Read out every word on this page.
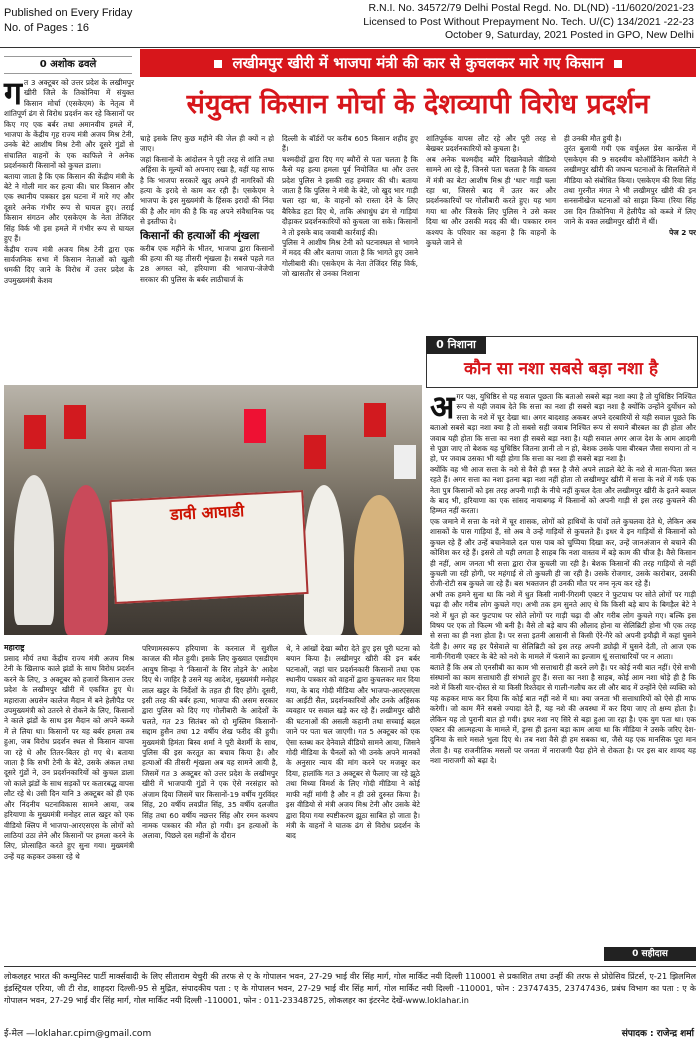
Published on Every Friday
No. of Pages : 16
R.N.I. No. 34572/79 Delhi Postal Regd. No. DL(ND) -11/6020/2021-23
Licensed to Post Without Prepayment No. Tech. U/(C) 134/2021 -22-23
October 9, Saturday, 2021 Posted in GPO, New Delhi
लखीमपुर खीरी में भाजपा मंत्री की कार से कुचलकर मारे गए किसान
संयुक्त किसान मोर्चा के देशव्यापी विरोध प्रदर्शन
0 अशोक ढवले

गत 3 अक्टूबर को उत्तर प्रदेश के लखीमपुर खीरी जिले के तिकोनिया में संयुक्त किसान मोर्चा (एसकेएम) के नेतृत्व में शांतिपूर्ण ढंग से विरोध प्रदर्शन कर रहे किसानों पर किए गए एक बर्बर तथा अमानवीय हमले में, भाजपा के केंद्रीय गृह राज्य मंत्री अजय मिश्र टेनी, उनके बेटे आशीष मिश्र टेनी और दूसरे गुंडों से संचालित वाहनों के एक काफिले ने अनेक प्रदर्शनकारी किसानों को कुचल डाला।

बताया जाता है कि एक किसान की केंद्रीय मंत्री के बेटे ने गोली मार कर हत्या की। चार किसान और एक स्थानीय पत्रकार इस घटना में मारे गए और दूसरे अनेक गंभीर रूप से घायल हुए। तराई किसान संगठन और एसकेएम के नेता तेजिंदर सिंह विर्क भी इस हमले में गंभीर रूप से घायल हुए हैं।

केंद्रीय राज्य मंत्री अजय मिश्र टेनी द्वारा एक सार्वजनिक सभा में किसान नेताओं को खुली धमकी दिए जाने के विरोध में उत्तर प्रदेश के उपमुख्यमंत्री केशव

चाहे इसके लिए कुछ महीने की जेल ही क्यों न हो जाए।

जहां किसानों के आंदोलन ने पूरी तरह से शांति तथा अहिंसा के मूल्यों को अपनाए रखा है, वहीं यह साफ है कि भाजपा सरकारें खुद अपने ही नागरिकों की हत्या के इरादे से काम कर रही हैं। एसकेएम ने भाजपा के इस मुख्यमंत्री के हिंसक इरादों की निंदा की है और मांग की है कि वह अपने संवैधानिक पद से इस्तीफा दे।

किसानों की हत्याओं की शृंखला

करीब एक महीने के भीतर, भाजपा द्वारा किसानों की हत्या की यह तीसरी शृंखला है। सबसे पहले गत 28 अगस्त को, हरियाणा की भाजपा-जेजेपी सरकार की पुलिस के बर्बर लाठीचार्ज के

दिल्ली के बॉर्डरों पर करीब 605 किसान शहीद हुए हैं।

चश्मदीदों द्वारा दिए गए ब्यौरों से पता चलता है कि कैसे यह हत्या हमला पूर्व नियोजित था और उत्तर प्रदेश पुलिस ने इसकी राह हमवार की थी। बताया जाता है कि पुलिस ने मंत्री के बेटे, जो खुद भार गाड़ी चला रहा था, के वाहनों को रास्ता देने के लिए बैरिकेड हटा दिए थे, ताकि अंधाधुंध ढंग से गाड़ियां दौड़ाकर प्रदर्शनकारियों को कुचला जा सके। किसानों ने तो इसके बाद जवाबी कार्रवाई की।

पुलिस ने आशीष मिश्र टेनी को घटनास्थल से भागने में मदद की और बताया जाता है कि भागते हुए उसने गोलीबारी की। एसकेएम के नेता तेजिंदर सिंह विर्क, जो खासतौर से उनका निशाना

शांतिपूर्वक वापस लौट रहे और पूरी तरह से बेखबर प्रदर्शनकारियों को कुचला है।

अब अनेक चश्मदीद ब्यौरे दिखानेवाले वीडियो सामने आ रहे हैं, जिनसे पता चलता है कि वास्तव में मंत्री का बेटा आशीष मिश्र ही 'थार' गाड़ी चला रहा था, जिससे बाद में उतर कर और प्रदर्शनकारियों पर गोलीबारी करते हुए। यह भाग गया था और जिसके लिए पुलिस ने उसे कवर दिया था और उसकी मदद की थी। पत्रकार रमन कश्यप के परिवार का कहना है कि वाहनों के कुचले जाने से

ही उनकी मौत हुयी है।

तुरंत बुलायी गयी एक वर्चुअल प्रेस कान्फ्रेंस में एसकेएम की 9 सदस्यीय कोऑर्डिनेशन कमेटी ने लखीमपुर खीरी की जघन्य घटनाओं के सिलसिले में मीडिया को संबोधित किया। एसकेएम की रिवा सिंह तथा गुरनीत मंगत ने भी लखीमपुर खीरी की इन सनसनीखेज घटनाओं को साझा किया (रिया सिंह उस दिन तिकोनिया में हेलीपैड को कब्जे में लिए जाने के वक्त लखीमपुर खीरी में थीं।

पेज 2 पर

डावी आघाडी
महाराष्ट्र

प्रसाद मौर्य तथा केंद्रीय राज्य मंत्री अजय मिश्र टेनी के खिलाफ काले झंडों के साथ विरोध प्रदर्शन करने के लिए, 3 अक्टूबर को हजारों किसान उत्तर प्रदेश के लखीमपुर खीरी में एकत्रित हुए थे। महाराजा अग्रसेन कालेज मैदान में बने हेलीपैड पर उपमुख्यमंत्री को उतरने से रोकने के लिए, किसानों ने काले झंडों के साथ इस मैदान को अपने कब्जे में ले लिया था। किसानों पर यह बर्बर हमला तब हुआ, जब विरोध प्रदर्शन स्थल से किसान वापस जा रहे थे और तितर-बितर हो गए थे। बताया जाता है कि सभी टेनी के बेटे, उसके अंकल तथा दूसरे गुंडों ने, उन प्रदर्शनकारियों को कुचल डाला जो काले झंडों के साथ सड़कों पर कतारबद्ध वापस लौट रहे थे। उसी दिन यानि 3 अक्टूबर को ही एक और निंदनीय घटनाविकास सामने आया, जब हरियाणा के मुख्यमंत्री मनोहर लाल खट्टर को एक वीडियो क्लिप में भाजपा-आरएसएस के लोगों को लाठियां उठा लेने और किसानों पर हमला करने के लिए, प्रोत्साहित करते हुए सुना गया। मुख्यमंत्री उन्हें यह कहकर उकसा रहे थे

परिणामस्वरूप हरियाणा के करनाल में सुशील काजल की मौत हुयी। इसके लिए कुख्यात एसडीएम आयुष सिन्हा ने 'किसानों के सिर तोड़ने के' आदेश दिए थे। जाहिर है उसने यह आदेश, मुख्यमंत्री मनोहर लाल खट्टर के निर्देशों के तहत ही दिए होंगे। दूसरी, इसी तरह की बर्बर हत्या, भाजपा की असम सरकार द्वारा पुलिस को दिए गए गोलीबारी के आदेशों के चलते, गत 23 सितंबर को दो मुस्लिम किसानों-सद्दाम हुसैन तथा 12 वर्षीय शेख फरीद की हुयी। मुख्यमंत्री हिमंता बिस्व शर्मा ने पूरी बेशर्मी के साथ, पुलिस की इस करतूत का बचाव किया है। और हत्याओं की तीसरी शृंखला अब यह सामने आयी है, जिसमें गत 3 अक्टूबर को उत्तर प्रदेश के लखीमपुर खीरी में भाजपायी गुंडों ने एक ऐसे नरसंहार को अंजाम दिया जिसमें चार किसानों-19 वर्षीय गुरविंदर सिंह, 20 वर्षीय लवप्रीत सिंह, 35 वर्षीय दलजीत सिंह तथा 60 वर्षीय नछत्तर सिंह और रमन कश्यप नामक पत्रकार की मौत हो गयी। इन हत्याओं के अलावा, पिछले दस महीनों के दौरान

थे, ने आंखों देखा ब्यौरा देते हुए इस पूरी घटना को बयान किया है। लखीमपुर खीरी की इन बर्बर घटनाओं, जहां चार प्रदर्शनकारी किसानों तथा एक स्थानीय पत्रकार को वाहनों द्वारा कुचलकर मार दिया गया, के बाद गोदी मीडिया और भाजपा-आरएसएस का आईटी सैल, प्रदर्शनकारियों और उनके अहिंसक व्यवहार पर सवाल खड़े कर रहे हैं। लखीमपुर खीरी की घटनाओं की असली कहानी तथा सच्चाई बदल जाने पर पता चल जाएगी। गत 5 अक्टूबर को एक ऐसा स्तब्ध कर देनेवाले वीडियो सामने आया, जिसने गोदी मीडिया के चैनलों को भी उनके अपने मानकों के अनुसार न्याय की मांग करने पर मजबूर कर दिया, हालांकि गत 3 अक्टूबर से फैलाए जा रहे झूठे तथा मिथ्या विमर्श के लिए गोदी मीडिया ने कोई माफी नहीं मांगी है और न ही उसे दुरुस्त किया है। इस वीडियो से मंत्री अजय मिश्र टेनी और उसके बेटे द्वारा दिया गया स्पष्टीकरण झूठा साबित हो जाता है। मंत्री के वाहनों ने घातक ढंग से विरोध प्रदर्शन के बाद

0 निशाना
कौन सा नशा सबसे बड़ा नशा है

अगर पक्ष, युधिष्ठिर से यह सवाल पूछता कि बताओ सबसे बड़ा नशा क्या है तो युधिष्ठिर निश्चित रूप से यही जवाब देते कि सत्ता का नशा ही सबसे बड़ा नशा है क्योंकि उन्होंने दुर्योधन को सत्ता के नशे में चूर देखा था। अगर बादशाह अकबर अपने दरबारियों से यही सवाल पूछते कि बताओ सबसे बड़ा नशा क्या है तो सबसे सही जवाब निश्चित रूप से सयाने बीरबल का ही होता और जवाब यही होता कि सत्ता का नशा ही सबसे बड़ा नशा है। यही सवाल अगर आज देश के आम आदमी से पूछा जाए तो बेशक यह युधिष्ठिर जितना ज्ञानी तो न हो, बेशक उसके पास बीरबल जैसा सयाना तो न हो, पर जवाब उसका भी यही होगा कि सत्ता का नशा ही सबसे बड़ा नशा है।

क्योंकि वह भी आज सत्ता के नशे से वैसे ही त्रस्त है जैसे अपने लाडले बेटे के नशे से माता-पिता त्रस्त रहते हैं। अगर सत्ता का नशा इतना बड़ा नशा नहीं होता तो लखीमपुर खीरी में सत्ता के नशे में गर्क एक नेता पुत्र किसानों को इस तरह अपनी गाड़ी के नीचे नहीं कुचल देता और लखीमपुर खीरी के इतने बवाल के बाद भी, हरियाणा का एक सांसद नायाबगढ़ में किसानों को अपनी गाड़ी से इस तरह कुचलने की हिम्मत नहीं करता।

एक जमाने में सत्ता के नशे में चूर शासक, लोगों को हाथियों के पांवों तले कुचलवा देते थे, लेकिन अब शासकों के पास गाड़ियां हैं, सो अब वे उन्हें गाड़ियों से कुचलते हैं। इधर वे इन गाड़ियों से किसानों को कुचल रहे हैं और उन्हें बचानेवाले दल पास पाब को चुप्पिया दिखा कर, उन्हें जानअंजान से बचाने की कोशिश कर रहे हैं। इससे तो यही लगता है साहब कि नशा वास्तव में बड़े काम की चीज है। वैसे किसान ही नहीं, आम जनता भी सत्ता द्वारा रोज कुचली जा रही है। बेशक किसानों की तरह गाड़ियों से नहीं कुचली जा रही होगी, पर महंगाई से तो कुचली ही जा रही है। उसके रोजगार, उसके कारोबार, उसकी रोजी-रोटी सब कुचले जा रहे हैं। बस भक्तजन ही उनकी मौत पर नग्न नृत्य कर रहे हैं।

अभी तक हमने सुना था कि नशे में धुत किसी नामी-गिरामी एक्टर ने फुटपाथ पर सोते लोगों पर गाड़ी चढ़ा दी और गरीब लोग कुचले गए। अभी तक हम सुनते आए थे कि किसी बड़े बाप के बिगड़ैल बेटे ने नशे में धुत हो कर फुटपाथ पर सोते लोगों पर गाड़ी चढ़ा दी और गरीब लोग कुचले गए। बल्कि इस विषय पर एक तो फिल्म भी बनी है। वैसे तो बड़े बाप की औलाद होना या सेलिब्रिटी होना भी एक तरह से सत्ता का ही नशा होता है। पर सत्ता इतनी आसानी से किसी ऐरे-गैरे को अपनी इयौढ़ी में कहां घुसने देती है। अगर वह हर पैसेवाले या सेलिब्रिटी को इस तरह अपनी ड्योढ़ी में घुसने देती, तो आज एक नामी-गिरामी एक्टर के बेटे को नशे के मामले में फंसाने का इल्जाम धूं सत्ताधारियों पर न आता।

बताते हैं कि अब तो एनसीबी का काम भी सत्ताधारी ही करने लगे हैं। पर कोई नयी बात नहीं। ऐसे सभी संस्थानों का काम सत्ताधारी ही संभाले हुए हैं। सत्ता का नशा है साहब, कोई आम नशा थोड़े ही है कि नशे में किसी यार-दोस्त से या किसी रिश्तेदार से गाली-गलौच कर ली और बाद में उन्होंने ऐसे व्यक्ति को यह कहकर माफ कर दिया कि कोई बात नहीं नशे में था। क्या जनता भी सत्ताधारियों को ऐसे ही माफ करेगी। जो काम मैंने सबसे ज्यादा देते हैं, यह नशे की अवस्था में कर दिया जाए तो क्षम्य होता है। लेकिन यह तो पुरानी बात हो गयी। इधर नशा नए सिरे से बड़ा हुआ जा रहा है। एक युग पता था। एक एक्टर की आत्महत्या के मामले में, ड्रग्स ही इतना बड़ा काम आया था कि मीडिया ने उसके जरिए देश-दुनिया के सारे मसले भुला दिए थे। तब नशा वैसे ही हम सबका था, जैसे यह एक मानसिक पूरा मान लेता है। यह राजनीतिक मसलों पर जनता में नाराजगी पैदा होने से रोकता है। पर इस बार शायद यह नशा नाराजगी को बढ़ा दे।

0 सहीदास
लोकलहर भारत की कम्युनिस्ट पार्टी मार्क्सवादी के लिए सीताराम येचुरी की तरफ से ए के गोपालन भवन, 27-29 भाई वीर सिंह मार्ग, गोल मार्किट नयी दिल्ली 110001 से प्रकाशित तथा उन्हीं की तरफ से प्रोग्रेसिव प्रिंटर्स, ए-21 झिलमिल इंडस्ट्रियल एरिया, जी टी रोड, शाहदरा दिल्ली-95 से मुद्रित, संपादकीय पता : ए के गोपालन भवन, 27-29 भाई वीर सिंह मार्ग, गोल मार्किट नयी दिल्ली -110001, फोन : 23747435, 23747436, प्रबंध विभाग का पता : ए के गोपालन भवन, 27-29 भाई वीर सिंह मार्ग, गोल मार्किट नयी दिल्ली -110001, फोन : 011-23348725, लोकलहर का इंटरनेट देखें-www.loklahar.in
ई-मेल —loklahar.cpim@gmail.com	संपादक : राजेन्द्र शर्मा
